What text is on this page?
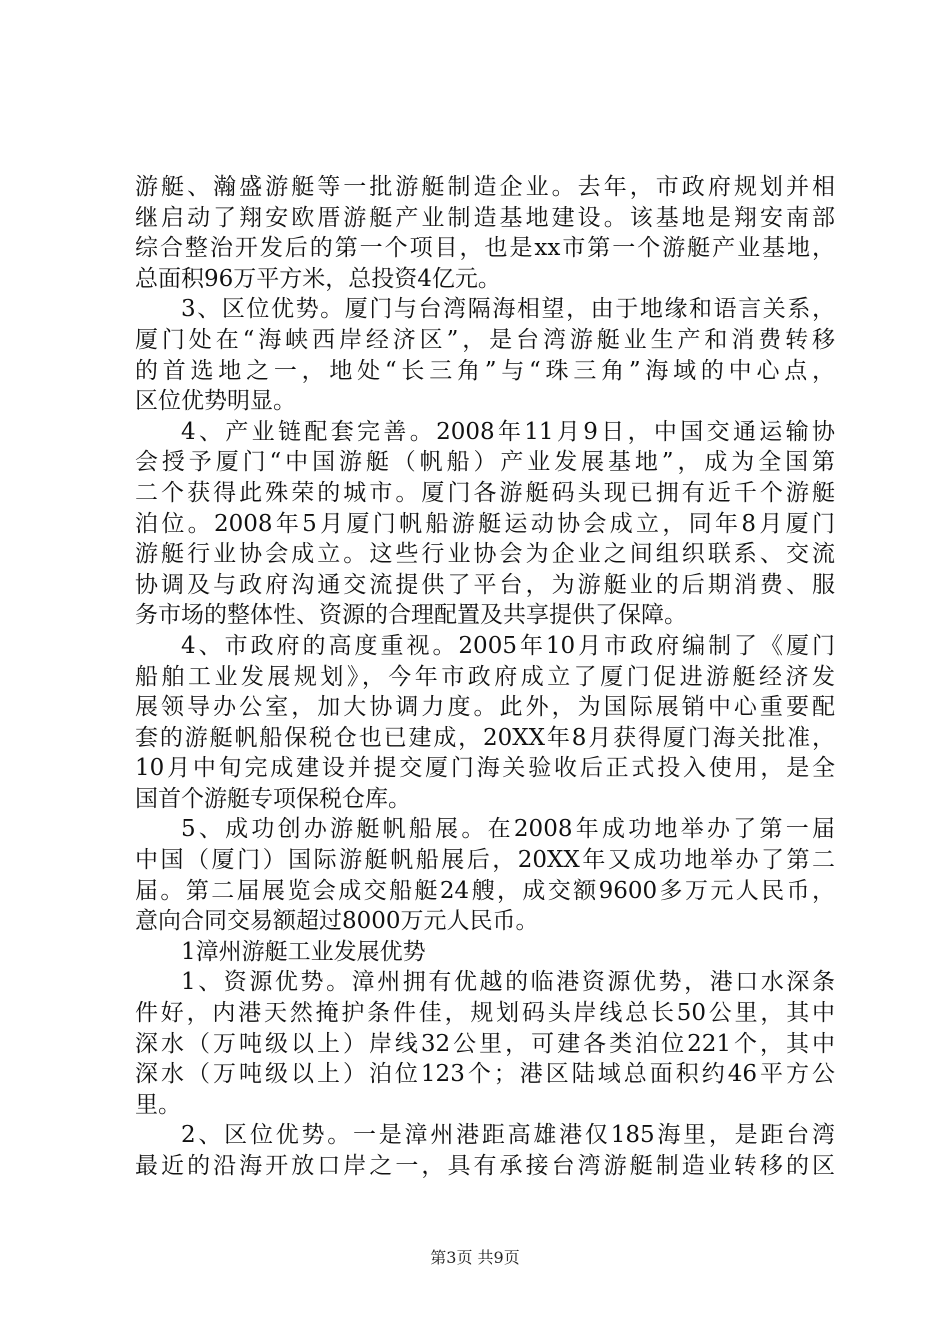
游艇、瀚盛游艇等一批游艇制造企业。去年，市政府规划并相
继启动了翔安欧厝游艇产业制造基地建设。该基地是翔安南部
综合整治开发后的第一个项目，也是xx市第一个游艇产业基地，
总面积96万平方米，总投资4亿元。
3、区位优势。厦门与台湾隔海相望，由于地缘和语言关系，
厦门处在“海峡西岸经济区”，是台湾游艇业生产和消费转移
的首选地之一，地处“长三角”与“珠三角”海域的中心点，
区位优势明显。
4、产业链配套完善。2008年11月9日，中国交通运输协
会授予厦门“中国游艇（帆船）产业发展基地”，成为全国第
二个获得此殊荣的城市。厦门各游艇码头现已拥有近千个游艇
泊位。2008年5月厦门帆船游艇运动协会成立，同年8月厦门
游艇行业协会成立。这些行业协会为企业之间组织联系、交流
协调及与政府沟通交流提供了平台，为游艇业的后期消费、服
务市场的整体性、资源的合理配置及共享提供了保障。
4、市政府的高度重视。2005年10月市政府编制了《厦门
船舶工业发展规划》，今年市政府成立了厦门促进游艇经济发
展领导办公室，加大协调力度。此外，为国际展销中心重要配
套的游艇帆船保税仓也已建成，20XX年8月获得厦门海关批准，
10月中旬完成建设并提交厦门海关验收后正式投入使用，是全
国首个游艇专项保税仓库。
5、成功创办游艇帆船展。在2008年成功地举办了第一届
中国（厦门）国际游艇帆船展后，20XX年又成功地举办了第二
届。第二届展览会成交船艇24艘，成交额9600多万元人民币，
意向合同交易额超过8000万元人民币。
1漳州游艇工业发展优势
1、资源优势。漳州拥有优越的临港资源优势，港口水深条
件好，内港天然掩护条件佳，规划码头岸线总长50公里，其中
深水（万吨级以上）岸线32公里，可建各类泊位221个，其中
深水（万吨级以上）泊位123个；港区陆域总面积约46平方公
里。
2、区位优势。一是漳州港距高雄港仅185海里，是距台湾
最近的沿海开放口岸之一，具有承接台湾游艇制造业转移的区
第3页 共9页
